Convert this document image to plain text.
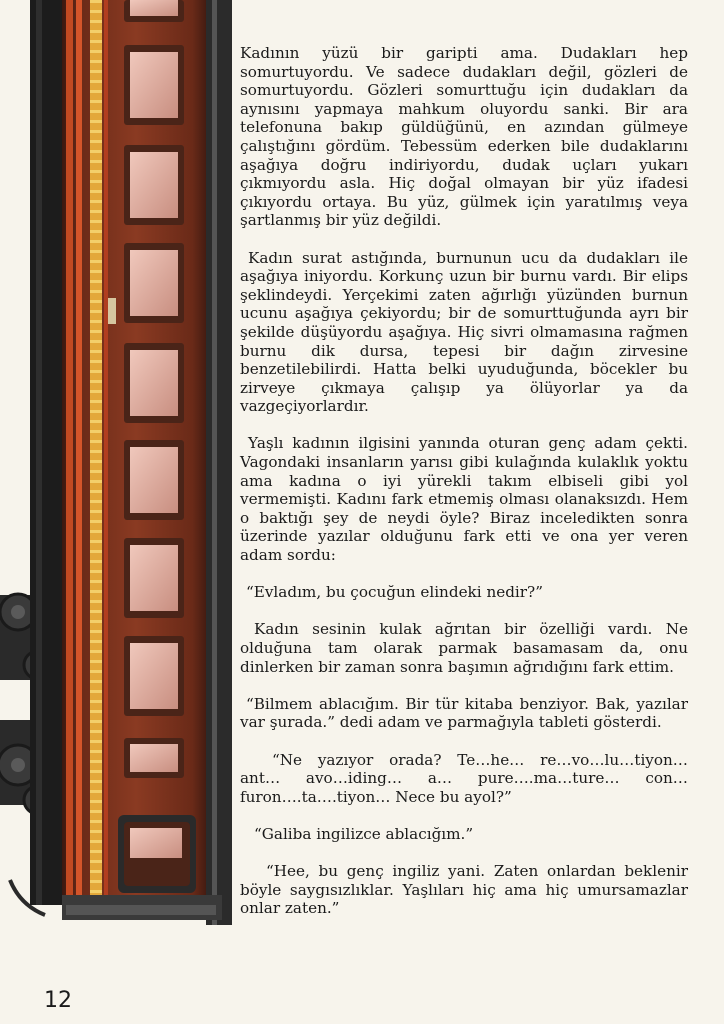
Kadının yüzü bir garipti ama. Dudakları hep somurtuyordu. Ve sadece dudakları değil, gözleri de somurtuyordu. Gözleri somurttuğu için dudakları da aynısını yapmaya mahkum oluyordu sanki. Bir ara telefonuna bakıp güldüğünü, en azından gülmeye çalıştığını gördüm. Tebessüm ederken bile dudaklarını aşağıya doğru indiriyordu, dudak uçları yukarı çıkmıyordu asla. Hiç doğal olmayan bir yüz ifadesi çıkıyordu ortaya. Bu yüz, gülmek için yaratılmış veya şartlanmış bir yüz değildi.

Kadın surat astığında, burnunun ucu da dudakları ile aşağıya iniyordu. Korkunç uzun bir burnu vardı. Bir elips şeklindeydi. Yerçekimi zaten ağırlığı yüzünden burnun ucunu aşağıya çekiyordu; bir de somurttuğunda ayrı bir şekilde düşüyordu aşağıya. Hiç sivri olmamasına rağmen burnu dik dursa, tepesi bir dağın zirvesine benzetilebilirdi. Hatta belki uyuduğunda, böcekler bu zirveye çıkmaya çalışıp ya ölüyorlar ya da vazgeçiyorlardır.

Yaşlı kadının ilgisini yanında oturan genç adam çekti. Vagondaki insanların yarısı gibi kulağında kulaklık yoktu ama kadına o iyi yürekli takım elbiseli gibi yol vermemişti. Kadını fark etmemiş olması olanaksızdı. Hem o baktığı şey de neydi öyle? Biraz inceledikten sonra üzerinde yazılar olduğunu fark etti ve ona yer veren adam sordu:

“Evladım, bu çocuğun elindeki nedir?”

Kadın sesinin kulak ağrıtan bir özelliği vardı. Ne olduğuna tam olarak parmak basamasam da, onu dinlerken bir zaman sonra başımın ağrıdığını fark ettim.

“Bilmem ablacığım. Bir tür kitaba benziyor. Bak, yazılar var şurada.” dedi adam ve parmağıyla tableti gösterdi.

“Ne yazıyor orada? Te…he… re…vo…lu…tiyon… ant… avo…iding… a… pure….ma…ture… con… furon….ta….tiyon… Nece bu ayol?”

“Galiba ingilizce ablacığım.”

“Hee, bu genç ingiliz yani. Zaten onlardan beklenir böyle saygısızlıklar. Yaşlıları hiç ama hiç umursamazlar onlar zaten.”

12
